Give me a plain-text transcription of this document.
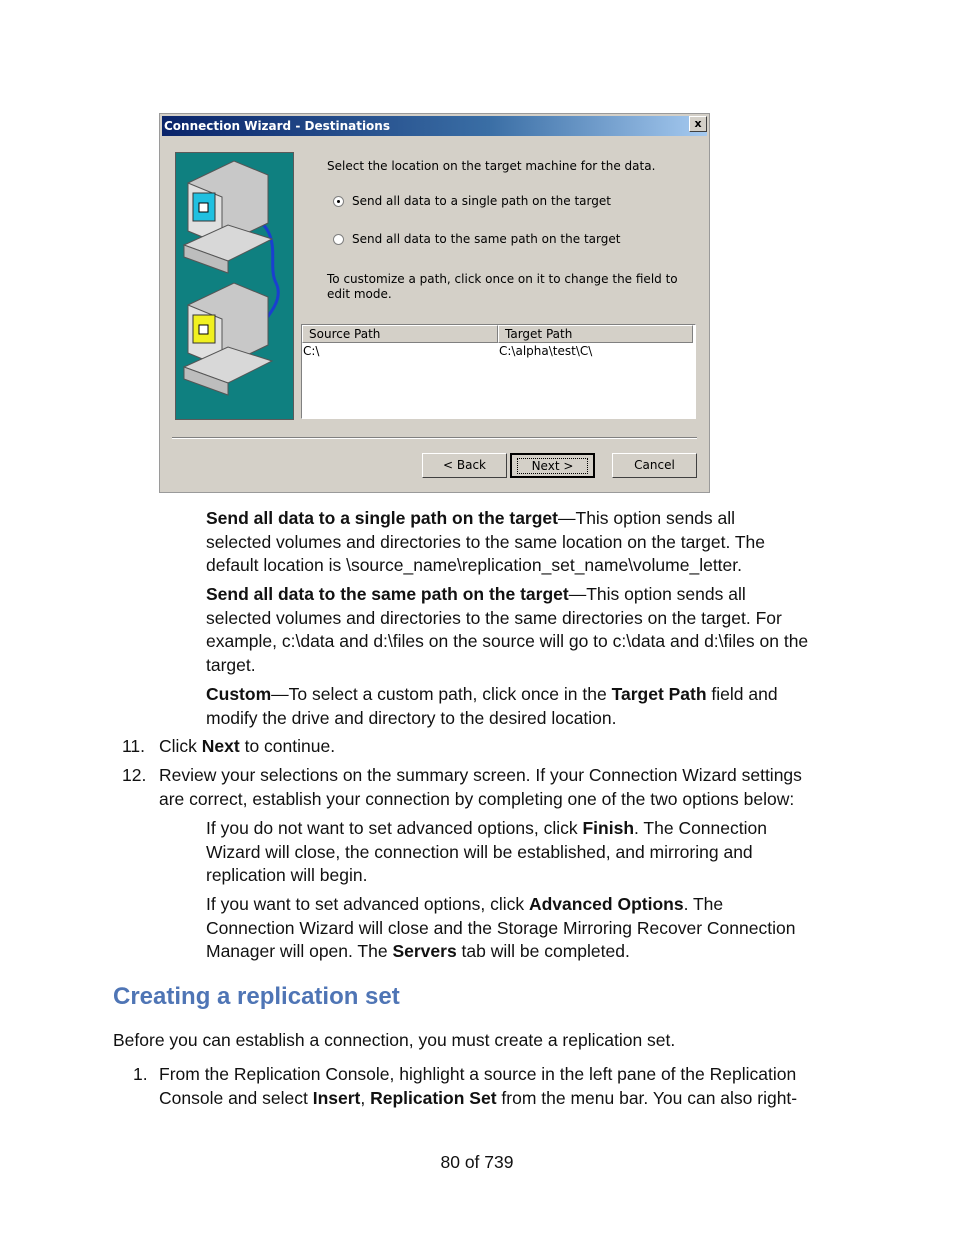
Connection Wizard - Destinations	x
Select the location on the target machine for the data.
Send all data to a single path on the target
Send all data to the same path on the target
To customize a path, click once on it to change the field to edit mode.
Source Path	Target Path
C:\	C:\alpha\test\C\
< Back	Next >	Cancel
Send all data to a single path on the target—This option sends all
selected volumes and directories to the same location on the target. The
default location is \source_name\replication_set_name\volume_letter.
Send all data to the same path on the target—This option sends all
selected volumes and directories to the same directories on the target. For
example, c:\data and d:\files on the source will go to c:\data and d:\files on the
target.
Custom—To select a custom path, click once in the Target Path field and
modify the drive and directory to the desired location.
11. Click Next to continue.
12. Review your selections on the summary screen. If your Connection Wizard settings
are correct, establish your connection by completing one of the two options below:
If you do not want to set advanced options, click Finish. The Connection
Wizard will close, the connection will be established, and mirroring and
replication will begin.
If you want to set advanced options, click Advanced Options. The
Connection Wizard will close and the Storage Mirroring Recover Connection
Manager will open. The Servers tab will be completed.
Creating a replication set
Before you can establish a connection, you must create a replication set.
1. From the Replication Console, highlight a source in the left pane of the Replication
Console and select Insert, Replication Set from the menu bar. You can also right-
80 of 739
